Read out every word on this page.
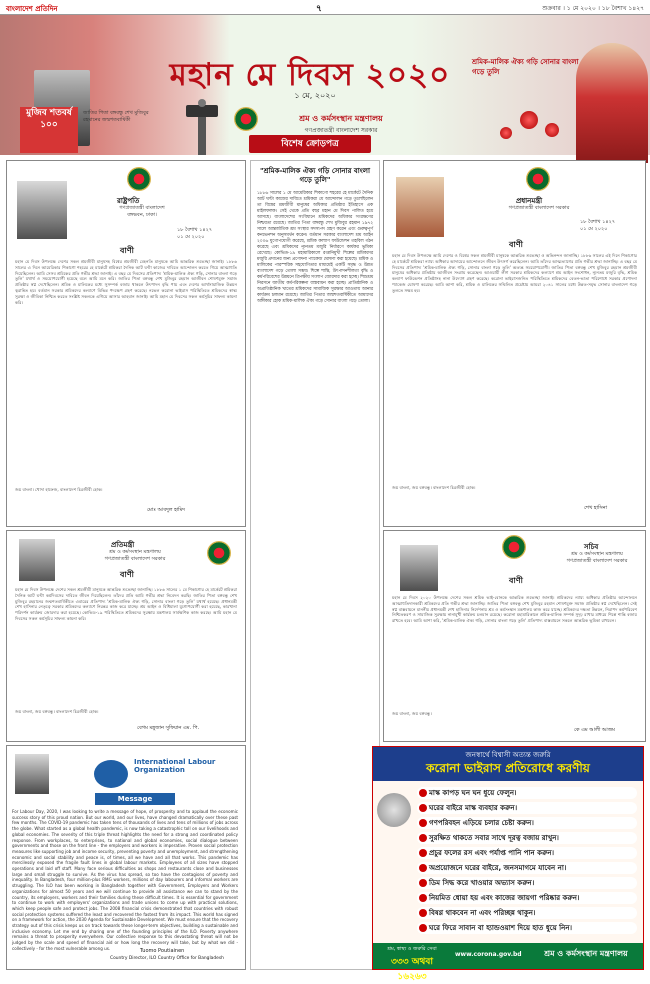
বাংলাদেশ প্রতিদিন	৭	শুক্রবার । ১ মে ২০২০ । ১৮ বৈশাখ ১৪২৭
মুজিব শতবর্ষ ১০০
জাতির পিতা বঙ্গবন্ধু শেখ মুজিবুর রহমানের জন্মশতবার্ষিকী
মহান মে দিবস ২০২০
১ মে, ২০২০
শ্রম ও কর্মসংস্থান মন্ত্রণালয়
গণপ্রজাতন্ত্রী বাংলাদেশ সরকার
বিশেষ ক্রোড়পত্র
শ্রমিক-মালিক ঐক্য গড়ি সোনার বাংলা গড়ে তুলি
রাষ্ট্রপতি
গণপ্রজাতন্ত্রী বাংলাদেশ
বঙ্গভবন, ঢাকা।
১৮ বৈশাখ ১৪২৭
০১ মে ২০২০
বাণী
মহান মে দিবস উপলক্ষে দেশের সকল শ্রমজীবী মানুষসহ বিশ্বের শ্রমজীবী মেহনতি মানুষকে আমি আন্তরিক শুভেচ্ছা জানাই। ১৮৮৬ সালের এ দিনে আমেরিকার শিকাগো শহরের হে মার্কেটে শ্রমিকরা দৈনিক আট ঘণ্টা কাজের দাবিতে আন্দোলন করতে গিয়ে আত্মাহুতি দিয়েছিলেন। আমি সেসব শ্রমিকের প্রতি গভীর শ্রদ্ধা জানাই। এ বছর মে দিবসের প্রতিপাদ্য 'শ্রমিক-মালিক ঐক্য গড়ি, সোনার বাংলা গড়ে তুলি' যথার্থ ও সময়োপযোগী হয়েছে বলে আমি মনে করি। জাতির পিতা বঙ্গবন্ধু শেখ মুজিবুর রহমান আজীবন শোষণমুক্ত সমাজ প্রতিষ্ঠার স্বপ্ন দেখেছিলেন। শ্রমিক ও মালিকের মধ্যে সুসম্পর্ক বজায় থাকলে উৎপাদন বৃদ্ধি পায় এবং দেশের আর্থসামাজিক উন্নয়ন ত্বরান্বিত হয়। বর্তমান সরকার শ্রমিকদের কল্যাণে বিভিন্ন পদক্ষেপ গ্রহণ করেছে। নভেল করোনা ভাইরাস পরিস্থিতিতে শ্রমিকদের স্বাস্থ্য সুরক্ষা ও জীবিকা নিশ্চিত করতে সংশ্লিষ্ট সকলকে এগিয়ে আসার আহবান জানাই। আমি মহান মে দিবসের সকল কর্মসূচির সাফল্য কামনা করি।
জয় বাংলা। খোদা হাফেজ, বাংলাদেশ চিরজীবী হোক।
মোঃ আবদুল হামিদ
"শ্রমিক-মালিক ঐক্য গড়ি সোনার বাংলা গড়ে তুলি"
১৮৮৬ সালের ১ মে আমেরিকার শিকাগো শহরের হে মার্কেটে দৈনিক আট ঘণ্টা কাজের দাবিতে শ্রমিকরা যে আন্দোলন গড়ে তুলেছিলেন তা বিশ্বের শ্রমজীবী মানুষের অধিকার প্রতিষ্ঠার ইতিহাসে এক মাইলফলক। সেই থেকে প্রতি বছর মহান মে দিবস পালিত হয়ে আসছে। বাংলাদেশের সংবিধানে শ্রমিকদের অধিকার সংরক্ষণের নিশ্চয়তা রয়েছে। জাতির পিতা বঙ্গবন্ধু শেখ মুজিবুর রহমান ১৯৭২ সালে আন্তর্জাতিক শ্রম সংস্থার সদস্যপদ গ্রহণ করেন এবং গুরুত্বপূর্ণ কনভেনশন অনুসমর্থন করেন। বর্তমান সরকার বাংলাদেশ শ্রম আইন ২০০৬ যুগোপযোগী করেছে, শ্রমিক কল্যাণ ফাউন্ডেশন তহবিল গঠন করেছে এবং শ্রমিকদের ন্যূনতম মজুরি নির্ধারণে কার্যকর ভূমিকা রেখেছে। কোভিড-১৯ মহামারিকালে রপ্তানিমুখী শিল্পের শ্রমিকদের মজুরি প্রদানের জন্য প্রণোদনা প্যাকেজ ঘোষণা করা হয়েছে। শ্রমিক ও মালিকের পারস্পরিক সহযোগিতার মাধ্যমেই একটি সমৃদ্ধ ও উন্নত বাংলাদেশ গড়ে তোলা সম্ভব। শিল্পে শান্তি, উৎপাদনশীলতা বৃদ্ধি ও কর্মপরিবেশের উন্নয়নে ত্রিপক্ষীয় সংলাপ জোরদার করা হচ্ছে। শিশুশ্রম নিরসনে জাতীয় কর্মপরিকল্পনা বাস্তবায়ন করা হচ্ছে। প্রাতিষ্ঠানিক ও অপ্রাতিষ্ঠানিক খাতের শ্রমিকদের সামাজিক সুরক্ষার আওতায় আনার কার্যক্রম চলমান রয়েছে। জাতির পিতার জন্মশতবার্ষিকীতে আমাদের অঙ্গীকার হোক শ্রমিক-মালিক ঐক্য গড়ে সোনার বাংলা গড়ে তোলা।
প্রধানমন্ত্রী
গণপ্রজাতন্ত্রী বাংলাদেশ সরকার
১৮ বৈশাখ ১৪২৭
০১ মে ২০২০
বাণী
মহান মে দিবস উপলক্ষে আমি দেশের ও বিশ্বের সকল শ্রমজীবী মানুষকে আন্তরিক শুভেচ্ছা ও অভিনন্দন জানাচ্ছি। ১৮৮৬ সালের এই দিনে শিকাগোর হে মার্কেটে শ্রমিকরা ন্যায্য অধিকার আদায়ের আন্দোলনে জীবন উৎসর্গ করেছিলেন। আমি তাঁদের আত্মত্যাগের প্রতি গভীর শ্রদ্ধা জানাচ্ছি। এ বছর মে দিবসের প্রতিপাদ্য 'শ্রমিক-মালিক ঐক্য গড়ি, সোনার বাংলা গড়ে তুলি' অত্যন্ত সময়োপযোগী। জাতির পিতা বঙ্গবন্ধু শেখ মুজিবুর রহমান শ্রমজীবী মানুষের অধিকার প্রতিষ্ঠায় আজীবন সংগ্রাম করেছেন। আওয়ামী লীগ সরকার শ্রমিকদের কল্যাণে শ্রম আইন সংশোধন, ন্যূনতম মজুরি বৃদ্ধি, শ্রমিক কল্যাণ ফাউন্ডেশন প্রতিষ্ঠাসহ নানা উদ্যোগ গ্রহণ করেছে। করোনা ভাইরাসজনিত পরিস্থিতিতে শ্রমিকদের বেতন-ভাতা পরিশোধে সরকার প্রণোদনা প্যাকেজ ঘোষণা করেছে। আমি আশা করি, শ্রমিক ও মালিকের সম্মিলিত প্রচেষ্টায় আমরা ২০৪১ সালের মধ্যে উন্নত-সমৃদ্ধ সোনার বাংলাদেশ গড়ে তুলতে সক্ষম হব।
জয় বাংলা, জয় বঙ্গবন্ধু। বাংলাদেশ চিরজীবী হোক।
শেখ হাসিনা
প্রতিমন্ত্রী
শ্রম ও কর্মসংস্থান মন্ত্রণালয়
গণপ্রজাতন্ত্রী বাংলাদেশ সরকার
বাণী
মহান মে দিবস উপলক্ষে দেশের সকল শ্রমজীবী মানুষকে আন্তরিক শুভেচ্ছা জানাচ্ছি। ১৮৮৬ সালের ১ মে শিকাগোর হে মার্কেটে শ্রমিকরা দৈনিক আট ঘণ্টা কর্মদিবসের দাবিতে জীবন দিয়েছিলেন। তাঁদের প্রতি আমি গভীর শ্রদ্ধা নিবেদন করছি। জাতির পিতা বঙ্গবন্ধু শেখ মুজিবুর রহমানের জন্মশতবার্ষিকীতে এবারের প্রতিপাদ্য 'শ্রমিক-মালিক ঐক্য গড়ি, সোনার বাংলা গড়ে তুলি' যথার্থ হয়েছে। প্রধানমন্ত্রী শেখ হাসিনার নেতৃত্বে সরকার শ্রমিকদের কল্যাণে নিরন্তর কাজ করে যাচ্ছে। শ্রম আইন ও বিধিমালা যুগোপযোগী করা হয়েছে, কারখানা পরিদর্শন কার্যক্রম জোরদার করা হয়েছে। কোভিড-১৯ পরিস্থিতিতে শ্রমিকদের সুরক্ষায় মন্ত্রণালয় সার্বক্ষণিক কাজ করছে। আমি মহান মে দিবসের সকল কর্মসূচির সাফল্য কামনা করি।
জয় বাংলা, জয় বঙ্গবন্ধু। বাংলাদেশ চিরজীবী হোক।
বেগম মন্নুজান সুফিয়ান এম. পি.
International Labour Organization
Message
For Labour Day, 2020, I was looking to write a message of hope, of prosperity and to applaud the economic success story of this proud nation. But our world, and our lives, have changed dramatically over these past few months. The COVID-19 pandemic has taken tens of thousands of lives and tens of millions of jobs across the globe. What started as a global health pandemic, is now taking a catastrophic toll on our livelihoods and global economies. The severity of this triple threat highlights the need for a strong and coordinated policy response. From workplaces, to enterprises, to national and global economies, social dialogue between governments and those on the front line - the employers and workers is imperative. Proven social protection measures like supporting job and income security, preventing poverty and unemployment, and strengthening economic and social stability and peace is, of times, all we have and all that works. This pandemic has mercilessly exposed the fragile fault lines in global labour markets. Employees of all sizes have stopped operations and laid off staff. Many face serious difficulties as shops and restaurants close and businesses large and small struggle to survive. As the virus has spread, so too have the contagions of poverty and inequality. In Bangladesh, four million-plus RMG workers, millions of day labourers and informal workers are struggling. The ILO has been working in Bangladesh together with Government, Employers and Workers organizations for almost 50 years and we will continue to provide all assistance we can to stand by the country, its employers, workers and their families during these difficult times. It is essential for government to continue to work with employers' organizations and trade unions to come up with practical solutions, which keep people safe and protect jobs. The 2008 financial crisis demonstrated that countries with robust social protection systems suffered the least and recovered the fastest from its impact. This world has signed on a framework for action, the 2030 Agenda for Sustainable Development. We must ensure that the recovery strategy out of this crisis keeps us on track towards these longer-term objectives, building a sustainable and inclusive economy. Let me end by sharing one of the founding principles of the ILO. Poverty anywhere remains a threat to prosperity everywhere. Our collective response to this devastating threat will not be judged by the scale and speed of financial aid or how long the recovery will take, but by what we did - collectively - for the most vulnerable among us.	Tuomo Poutiainen
Country Director, ILO Country Office for Bangladesh
সচিব
শ্রম ও কর্মসংস্থান মন্ত্রণালয়
গণপ্রজাতন্ত্রী বাংলাদেশ সরকার
বাণী
মহান মে দিবস ২০২০ উপলক্ষে দেশের সকল শ্রমিক ভাই-বোনকে আন্তরিক শুভেচ্ছা জানাই। শ্রমিকদের ন্যায্য অধিকার প্রতিষ্ঠার আন্দোলনে আত্মাহুতিদানকারী শ্রমিকদের প্রতি গভীর শ্রদ্ধা জানাচ্ছি। জাতির পিতা বঙ্গবন্ধু শেখ মুজিবুর রহমান শোষণমুক্ত সমাজ প্রতিষ্ঠার স্বপ্ন দেখেছিলেন। সেই স্বপ্ন বাস্তবায়নে মাননীয় প্রধানমন্ত্রী শেখ হাসিনার নির্দেশনায় শ্রম ও কর্মসংস্থান মন্ত্রণালয় কাজ করে যাচ্ছে। শ্রমিকদের দক্ষতা উন্নয়ন, নিরাপদ কর্মপরিবেশ নিশ্চিতকরণ ও সামাজিক সুরক্ষায় নানামুখী কার্যক্রম চলমান রয়েছে। করোনা মহামারিকালে শ্রমিক-মালিক সম্পর্ক সুদৃঢ় রাখার মাধ্যমে শিল্পে শান্তি বজায় রাখতে হবে। আমি আশা করি, 'শ্রমিক-মালিক ঐক্য গড়ি, সোনার বাংলা গড়ে তুলি' প্রতিপাদ্য বাস্তবায়নে সকলে আন্তরিক ভূমিকা রাখবেন।
জয় বাংলা, জয় বঙ্গবন্ধু।
কে এম আলী আজম
জনস্বার্থে বিশ্বাসী অত্যন্ত জরুরি
করোনা ভাইরাস প্রতিরোধে করণীয়
মাস্ক কাপড় ঘন ঘন ধুয়ে ফেলুন।
ঘরের বাইরে মাস্ক ব্যবহার করুন।
গণপরিবহন এড়িয়ে চলার চেষ্টা করুন।
সুরক্ষিত থাকতে সবার সাথে দূরত্ব বজায় রাখুন।
প্রচুর ফলের রস এবং পর্যাপ্ত পানি পান করুন।
অপ্রয়োজনে ঘরের বাইরে, জনসমাগমে যাবেন না।
ডিম সিদ্ধ করে খাওয়ার অভ্যাস করুন।
নিয়মিত ধোয়া হয় এবং কাজের জায়গা পরিষ্কার করুন।
বিষণ্ণ থাকবেন না এবং পরিচ্ছন্ন থাকুন।
ঘরে ফিরে সাবান বা হ্যান্ডওয়াশ দিয়ে হাত ধুয়ে নিন।
শ্রম, স্বাস্থ্য ও জরুরি সেবা
৩৩৩ অথবা ১৬২৬৩
www.corona.gov.bd	শ্রম ও কর্মসংস্থান মন্ত্রণালয়
